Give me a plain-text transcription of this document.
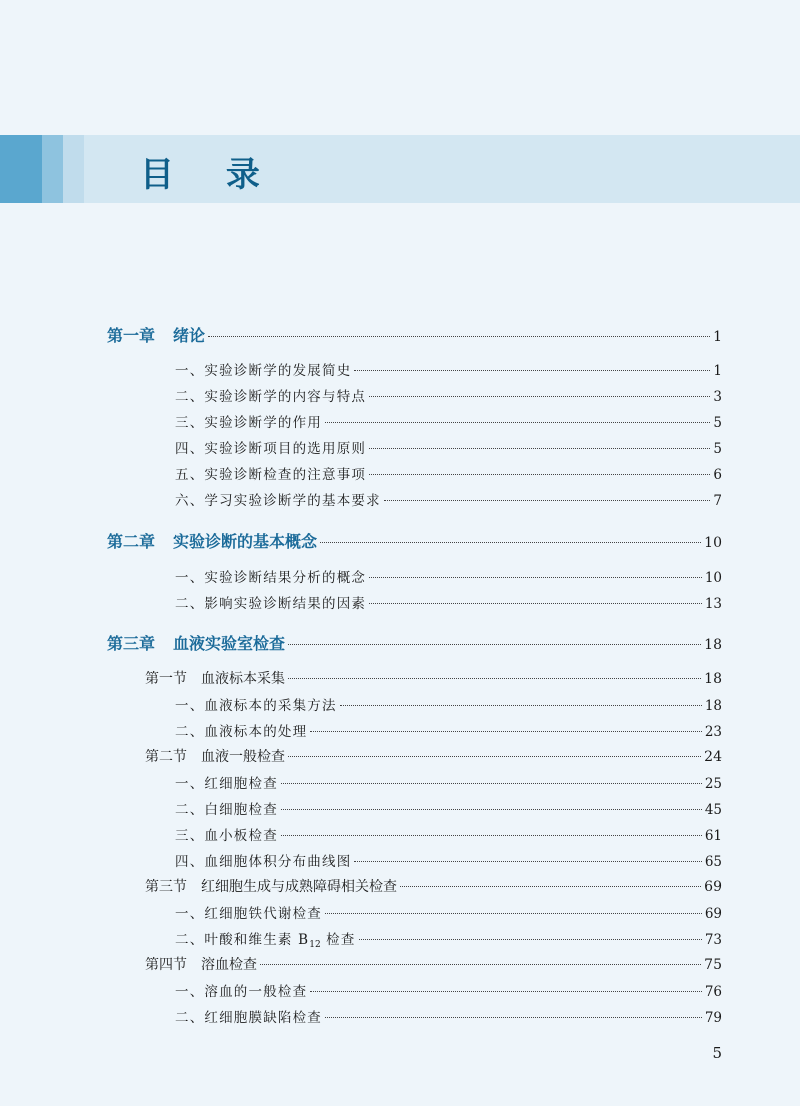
目 录
第一章 绪论	1
一、实验诊断学的发展简史	1
二、实验诊断学的内容与特点	3
三、实验诊断学的作用	5
四、实验诊断项目的选用原则	5
五、实验诊断检查的注意事项	6
六、学习实验诊断学的基本要求	7
第二章 实验诊断的基本概念	10
一、实验诊断结果分析的概念	10
二、影响实验诊断结果的因素	13
第三章 血液实验室检查	18
第一节 血液标本采集	18
一、血液标本的采集方法	18
二、血液标本的处理	23
第二节 血液一般检查	24
一、红细胞检查	25
二、白细胞检查	45
三、血小板检查	61
四、血细胞体积分布曲线图	65
第三节 红细胞生成与成熟障碍相关检查	69
一、红细胞铁代谢检查	69
二、叶酸和维生素 $B_{12}$ 检查	73
第四节 溶血检查	75
一、溶血的一般检查	76
二、红细胞膜缺陷检查	79
5
